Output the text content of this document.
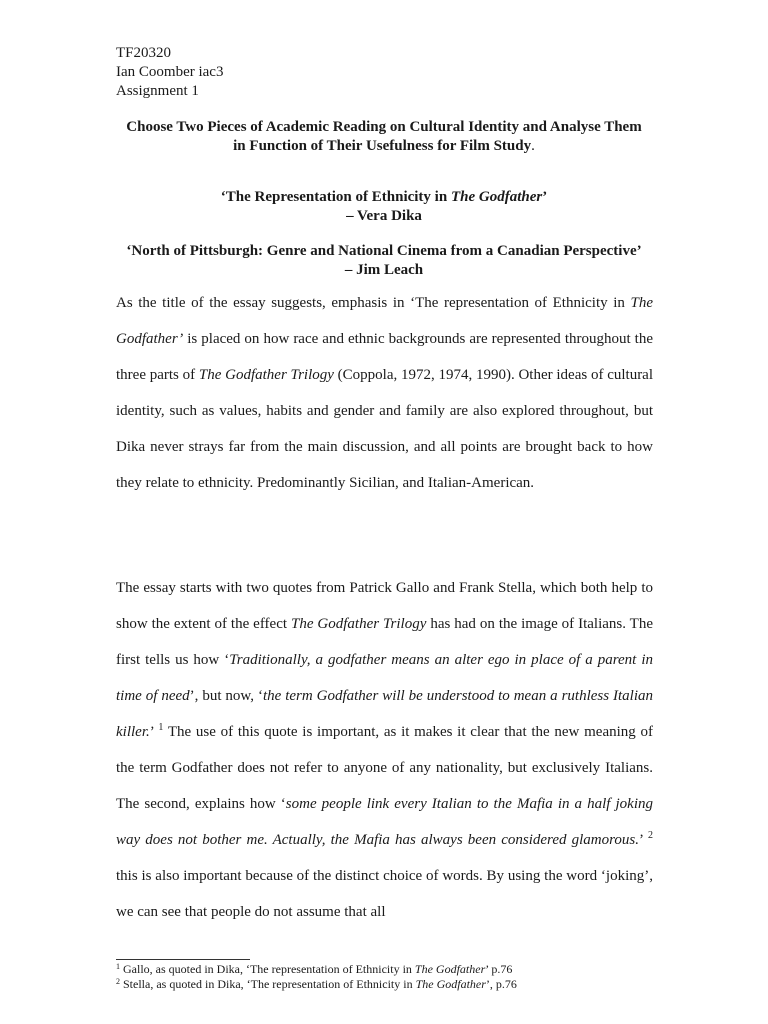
TF20320
Ian Coomber iac3
Assignment 1
Choose Two Pieces of Academic Reading on Cultural Identity and Analyse Them
in Function of Their Usefulness for Film Study.
‘The Representation of Ethnicity in The Godfather’
– Vera Dika
‘North of Pittsburgh: Genre and National Cinema from a Canadian Perspective’
– Jim Leach
As the title of the essay suggests, emphasis in ‘The representation of Ethnicity in The Godfather’ is placed on how race and ethnic backgrounds are represented throughout the three parts of The Godfather Trilogy (Coppola, 1972, 1974, 1990). Other ideas of cultural identity, such as values, habits and gender and family are also explored throughout, but Dika never strays far from the main discussion, and all points are brought back to how they relate to ethnicity. Predominantly Sicilian, and Italian-American.
The essay starts with two quotes from Patrick Gallo and Frank Stella, which both help to show the extent of the effect The Godfather Trilogy has had on the image of Italians. The first tells us how ‘Traditionally, a godfather means an alter ego in place of a parent in time of need’, but now, ‘the term Godfather will be understood to mean a ruthless Italian killer.’ $^1$ The use of this quote is important, as it makes it clear that the new meaning of the term Godfather does not refer to anyone of any nationality, but exclusively Italians. The second, explains how ‘some people link every Italian to the Mafia in a half joking way does not bother me. Actually, the Mafia has always been considered glamorous.’ $^2$ this is also important because of the distinct choice of words. By using the word ‘joking’, we can see that people do not assume that all
$^1$ Gallo, as quoted in Dika, ‘The representation of Ethnicity in The Godfather’ p.76
$^2$ Stella, as quoted in Dika, ‘The representation of Ethnicity in The Godfather’, p.76
